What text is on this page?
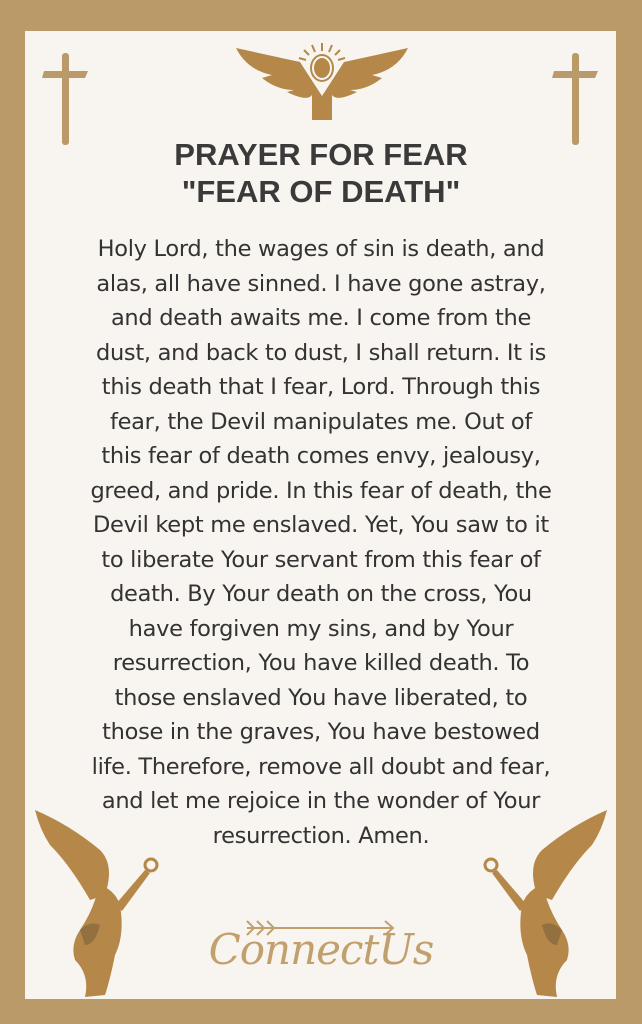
PRAYER FOR FEAR
"FEAR OF DEATH"
Holy Lord, the wages of sin is death, and
alas, all have sinned. I have gone astray,
and death awaits me. I come from the
dust, and back to dust, I shall return. It is
this death that I fear, Lord. Through this
fear, the Devil manipulates me. Out of
this fear of death comes envy, jealousy,
greed, and pride. In this fear of death, the
Devil kept me enslaved. Yet, You saw to it
to liberate Your servant from this fear of
death. By Your death on the cross, You
have forgiven my sins, and by Your
resurrection, You have killed death. To
those enslaved You have liberated, to
those in the graves, You have bestowed
life. Therefore, remove all doubt and fear,
and let me rejoice in the wonder of Your
resurrection. Amen.
ConnectUs
